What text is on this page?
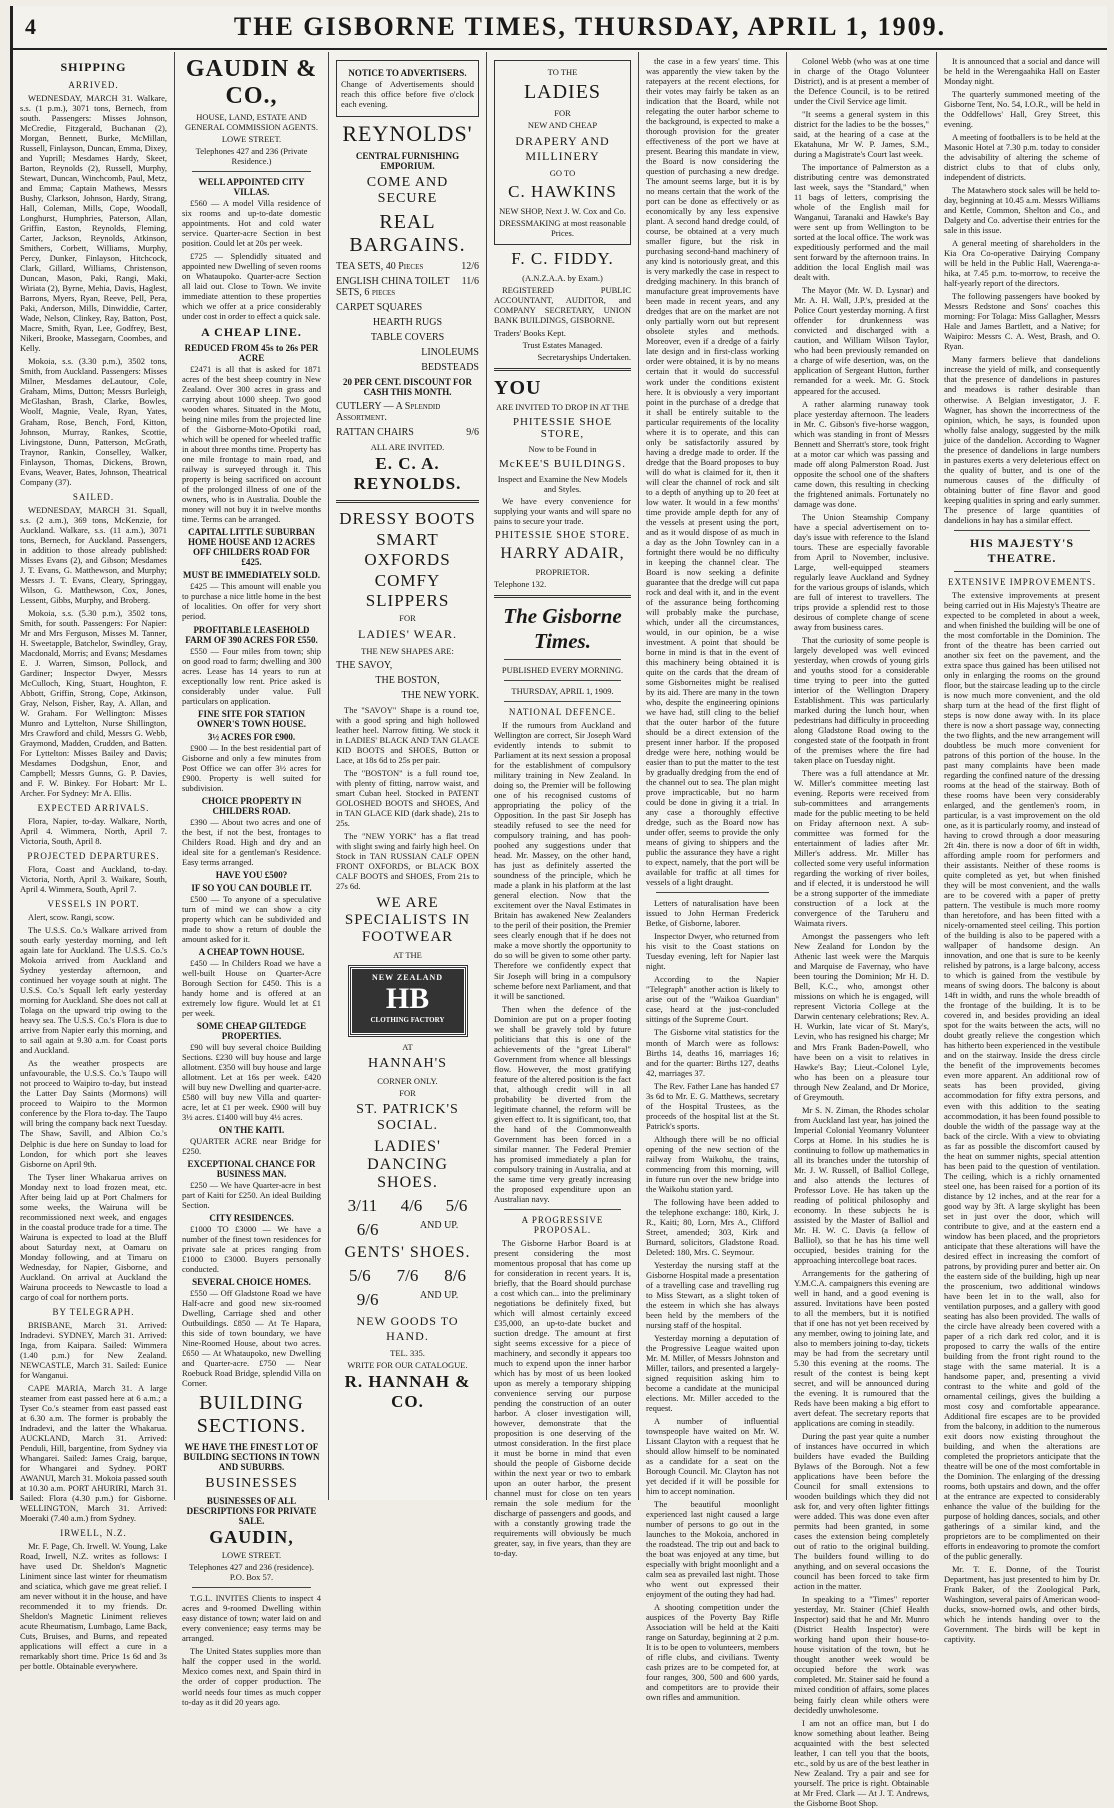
4	THE GISBORNE TIMES, THURSDAY, APRIL 1, 1909.
SHIPPING
ARRIVED.

WEDNESDAY, MARCH 31. Walkare, s.s. (1 p.m.), 3071 tons, Bernech, from south. Passengers: Misses Johnson, McCredie, Fitzgerald, Buchanan (2), Morgan, Bennett, Burke, McMillan, Russell, Finlayson, Duncan, Emma, Dixey, and Yuprill; Mesdames Hardy, Skeet, Barton, Reynolds (2), Russell, Murphy, Stewart, Duncan, Winchcomb, Paul, Metz, and Emma; Captain Mathews, Messrs Bushy, Clarkson, Johnson, Hardy, Strang, Hall, Coleman, Mills, Cope, Woodall, Longhurst, Humphries, Paterson, Allan, Griffin, Easton, Reynolds, Fleming, Carter, Jackson, Reynolds, Atkinson, Smithers, Corbett, Williams, Murphy, Percy, Dunker, Finlayson, Hitchcock, Clark, Gillard, Williams, Christenson, Duncan, Mason, Paki, Rangi, Maki, Wiriata (2), Byrne, Mehia, Davis, Haglest, Barrons, Myers, Ryan, Reeve, Pell, Pera, Paki, Anderson, Mills, Dinwiddie, Carter, Wade, Nelson, Clinkey, Ray, Batton, Post, Macre, Smith, Ryan, Lee, Godfrey, Best, Nikeri, Brooke, Massegarn, Coombes, and Kelly.

Mokoia, s.s. (3.30 p.m.), 3502 tons, Smith, from Auckland. Passengers: Misses Milner, Mesdames deLautour, Cole, Graham, Mims, Dutton; Messrs Burleigh, McGlashan, Brash, Clarke, Bowles, Woolf, Magnie, Veale, Ryan, Yates, Graham, Rose, Bench, Ford, Kitton, Johnson, Murray, Rankes, Scottie, Livingstone, Dunn, Patterson, McGrath, Traynor, Rankin, Conselley, Walker, Finlayson, Thomas, Dickens, Brown, Evans, Weaver, Bates, Johnson, Theatrical Company (37).

SAILED.

WEDNESDAY, MARCH 31. Squall, s.s. (2 a.m.), 369 tons, McKenzie, for Auckland. Walkare, s.s. (11 a.m.), 3071 tons, Bernech, for Auckland. Passengers, in addition to those already published: Misses Evans (2), and Gibson; Mesdames J. T. Evans, G. Matthewson, and Murphy; Messrs J. T. Evans, Cleary, Springgay, Wilson, G. Matthewson, Cox, Jones, Lessent, Gibbs, Murphy, and Broberg.

Mokoia, s.s. (5.30 p.m.), 3502 tons, Smith, for south. Passengers: For Napier: Mr and Mrs Ferguson, Misses M. Tanner, H. Sweetapple, Batchelor, Swindley, Gray, Macdonald, Morris; and Evans; Mesdames E. J. Warren, Simson, Pollock, and Gardiner; Inspector Dwyer, Messrs McCulloch, King, Stuart, Houghton, F. Abbott, Griffin, Strong, Cope, Atkinson, Gray, Nelson, Fisher, Ray, A. Allan, and W. Graham. For Wellington: Misses Munro and Lyttelton, Nurse Shillington, Mrs Crawford and child, Messrs G. Webb, Graymond, Madden, Crudden, and Batten. For Lyttelton: Misses Bailey and Davis; Mesdames Dodgshun, Enor, and Campbell; Messrs Gunns, G. P. Davies, and F. W. Binkey. For Hobart: Mr L. Archer. For Sydney: Mr A. Ellis.

EXPECTED ARRIVALS.

Flora, Napier, to-day. Walkare, North, April 4. Wimmera, North, April 7. Victoria, South, April 8.

PROJECTED DEPARTURES.

Flora, Coast and Auckland, to-day. Victoria, North, April 3. Waikare, South, April 4. Wimmera, South, April 7.

VESSELS IN PORT.

Alert, scow. Rangi, scow.

The U.S.S. Co.'s Walkare arrived from south early yesterday morning, and left again late for Auckland. The U.S.S. Co.'s Mokoia arrived from Auckland and Sydney yesterday afternoon, and continued her voyage south at night. The U.S.S. Co.'s Squall left early yesterday morning for Auckland. She does not call at Tolaga on the upward trip owing to the heavy sea. The U.S.S. Co.'s Flora is due to arrive from Napier early this morning, and to sail again at 9.30 a.m. for Coast ports and Auckland.

As the weather prospects are unfavourable, the U.S.S. Co.'s Taupo will not proceed to Waipiro to-day, but instead the Latter Day Saints (Mormons) will proceed to Waipiro to the Mormon conference by the Flora to-day. The Taupo will bring the company back next Tuesday. The Shaw, Savill, and Albion Co.'s Delphic is due here on Sunday to load for London, for which port she leaves Gisborne on April 9th.

The Tyser liner Whakarua arrives on Monday next to load frozen meat, etc. After being laid up at Port Chalmers for some weeks, the Wairuna will be recommissioned next week, and engages in the coastal produce trade for a time. The Wairuna is expected to load at the Bluff about Saturday next, at Oamaru on Monday following, and at Timaru on Wednesday, for Napier, Gisborne, and Auckland. On arrival at Auckland the Wairuna proceeds to Newcastle to load a cargo of coal for northern ports.

BY TELEGRAPH.

BRISBANE, March 31. Arrived: Indradevi. SYDNEY, March 31. Arrived: Inga, from Kaipara. Sailed: Wimmera (1.40 p.m.) for New Zealand. NEWCASTLE, March 31. Sailed: Eunice for Wanganui.

CAPE MARIA, March 31. A large steamer from east passed here at 6 a.m.; a Tyser Co.'s steamer from east passed east at 6.30 a.m. The former is probably the Indradevi, and the latter the Whakarua. AUCKLAND, March 31. Arrived: Penduli, Hill, bargentine, from Sydney via Whangarei. Sailed: James Craig, barque, for Whangarei and Sydney. PORT AWANUI, March 31. Mokoia passed south at 10.30 a.m. PORT AHURIRI, March 31. Sailed: Flora (4.30 p.m.) for Gisborne. WELLINGTON, March 31. Arrived: Moeraki (7.40 a.m.) from Sydney.

IRWELL, N.Z.

Mr. F. Page, Ch. Irwell. W. Young, Lake Road, Irwell, N.Z. writes as follows: I have used Dr. Sheldon's Magnetic Liniment since last winter for rheumatism and sciatica, which gave me great relief. I am never without it in the house, and have recommended it to my friends. Dr. Sheldon's Magnetic Liniment relieves acute Rheumatism, Lumbago, Lame Back, Cuts, Bruises, and Burns, and repeated applications will effect a cure in a remarkably short time. Price 1s 6d and 3s per bottle. Obtainable everywhere.

GAUDIN & CO.,
HOUSE, LAND, ESTATE AND GENERAL COMMISSION AGENTS.
LOWE STREET.
Telephones 427 and 236 (Private Residence.)
WELL APPOINTED CITY VILLAS.

£560 — A model Villa residence of six rooms and up-to-date domestic appointments. Hot and cold water service. Quarter-acre Section in best position. Could let at 20s per week.

£725 — Splendidly situated and appointed new Dwelling of seven rooms on Whataupoko. Quarter-acre Section all laid out. Close to Town. We invite immediate attention to these properties which we offer at a price considerably under cost in order to effect a quick sale.

A CHEAP LINE.
REDUCED FROM 45s to 26s PER ACRE

£2471 is all that is asked for 1871 acres of the best sheep country in New Zealand. Over 300 acres in grass and carrying about 1000 sheep. Two good wooden whares. Situated in the Motu, being nine miles from the projected line of the Gisborne-Moto-Opotiki road, which will be opened for wheeled traffic in about three months time. Property has one mile frontage to main road, and railway is surveyed through it. This property is being sacrificed on account of the prolonged illness of one of the owners, who is in Australia. Double the money will not buy it in twelve months time. Terms can be arranged.

CAPITAL LITTLE SUBURBAN HOME HOUSE AND 12 ACRES OFF CHILDERS ROAD FOR £425.
MUST BE IMMEDIATELY SOLD.

£425 — This amount will enable you to purchase a nice little home in the best of localities. On offer for very short period.

PROFITABLE LEASEHOLD FARM OF 390 ACRES FOR £550.

£550 — Four miles from town; ship on good road to farm; dwelling and 300 acres. Lease has 14 years to run at exceptionally low rent. Price asked is considerably under value. Full particulars on application.

FINE SITE FOR STATION OWNER'S TOWN HOUSE.
3½ ACRES FOR £900.

£900 — In the best residential part of Gisborne and only a few minutes from Post Office we can offer 3½ acres for £900. Property is well suited for subdivision.

CHOICE PROPERTY IN CHILDERS ROAD.

£390 — About two acres and one of the best, if not the best, frontages to Childers Road. High and dry and an ideal site for a gentleman's Residence. Easy terms arranged.

HAVE YOU £500?
IF SO YOU CAN DOUBLE IT.

£500 — To anyone of a speculative turn of mind we can show a city property which can be subdivided and made to show a return of double the amount asked for it.

A CHEAP TOWN HOUSE.

£450 — In Childers Road we have a well-built House on Quarter-Acre Borough Section for £450. This is a handy home and is offered at an extremely low figure. Would let at £1 per week.

SOME CHEAP GILTEDGE PROPERTIES.

£90 will buy several choice Building Sections. £230 will buy house and large allotment. £350 will buy house and large allotment. Let at 16s per week. £420 will buy new Dwelling and quarter-acre. £580 will buy new Villa and quarter-acre, let at £1 per week. £900 will buy 3½ acres. £1400 will buy 4½ acres.

ON THE KAITI.

QUARTER ACRE near Bridge for £250.

EXCEPTIONAL CHANCE FOR BUSINESS MAN.

£250 — We have Quarter-acre in best part of Kaiti for £250. An ideal Building Section.

CITY RESIDENCES.

£1000 TO £3000 — We have a number of the finest town residences for private sale at prices ranging from £1000 to £3000. Buyers personally conducted.

SEVERAL CHOICE HOMES.

£550 — Off Gladstone Road we have Half-acre and good new six-roomed Dwelling, Carriage shed and other Outbuildings. £850 — At Te Hapara, this side of town boundary, we have Nine-Roomed House, about two acres. £650 — At Whataupoko, new Dwelling and Quarter-acre. £750 — Near Roebuck Road Bridge, splendid Villa on Corner.

BUILDING SECTIONS.
WE HAVE THE FINEST LOT OF BUILDING SECTIONS IN TOWN AND SUBURBS.
BUSINESSES
BUSINESSES OF ALL DESCRIPTIONS FOR PRIVATE SALE.
GAUDIN,
LOWE STREET.
Telephones 427 and 236 (residence). P.O. Box 57.

T.G.L. INVITES Clients to inspect 4 acres and 9-roomed Dwelling within easy distance of town; water laid on and every convenience; easy terms may be arranged.

The United States supplies more than half the copper used in the world. Mexico comes next, and Spain third in the order of copper production. The world needs four times as much copper to-day as it did 20 years ago.

NOTICE TO ADVERTISERS.

Change of Advertisements should reach this office before five o'clock each evening.

REYNOLDS'
CENTRAL FURNISHING EMPORIUM.
COME AND SECURE
REAL BARGAINS.
TEA SETS, 40 Pieces	12/6
ENGLISH CHINA TOILET SETS, 6 pieces
11/6
CARPET SQUARES
HEARTH RUGS
TABLE COVERS
LINOLEUMS
BEDSTEADS
20 PER CENT. DISCOUNT FOR CASH THIS MONTH.
CUTLERY — A Splendid Assortment.
RATTAN CHAIRS	9/6
ALL ARE INVITED.
E. C. A. REYNOLDS.
DRESSY BOOTS
SMART OXFORDS
COMFY SLIPPERS
FOR
LADIES' WEAR.
THE NEW SHAPES ARE:
THE SAVOY,
THE BOSTON,
THE NEW YORK.

The "SAVOY" Shape is a round toe, with a good spring and high hollowed leather heel. Narrow fitting. We stock it in LADIES' BLACK AND TAN GLACE KID BOOTS and SHOES, Button or Lace, at 18s 6d to 25s per pair.

The "BOSTON" is a full round toe, with plenty of fitting, narrow waist, and smart Cuban heel. Stocked in PATENT GOLOSHED BOOTS and SHOES, And in TAN GLACE KID (dark shade), 21s to 25s.

The "NEW YORK" has a flat tread with slight swing and fairly high heel. On Stock in TAN RUSSIAN CALF OPEN FRONT OXFORDS, or BLACK BOX CALF BOOTS and SHOES, From 21s to 27s 6d.

WE ARE SPECIALISTS IN FOOTWEAR
AT THE
NEW ZEALAND
HB
CLOTHING FACTORY
AT
HANNAH'S
CORNER ONLY.
FOR
ST. PATRICK'S SOCIAL.
LADIES' DANCING SHOES.
3/11 4/6 5/6
6/6	AND UP.
GENTS' SHOES.
5/6 7/6 8/6
9/6	AND UP.
NEW GOODS TO HAND.
TEL. 335.
WRITE FOR OUR CATALOGUE.
R. HANNAH & CO.
TO THE
LADIES
FOR
NEW AND CHEAP
DRAPERY AND MILLINERY
GO TO
C. HAWKINS
NEW SHOP, Next J. W. Cox and Co.
DRESSMAKING at most reasonable Prices.
F. C. FIDDY.
(A.N.Z.A.A. by Exam.)

REGISTERED PUBLIC ACCOUNTANT, AUDITOR, and COMPANY SECRETARY, UNION BANK BUILDINGS, GISBORNE.

Traders' Books Kept.
Trust Estates Managed.
Secretaryships Undertaken.
YOU
ARE INVITED TO DROP IN AT THE
PHITESSIE SHOE STORE,
Now to be Found in
McKEE'S BUILDINGS.
Inspect and Examine the New Models and Styles.

We have every convenience for supplying your wants and will spare no pains to secure your trade.

PHITESSIE SHOE STORE.
HARRY ADAIR,
PROPRIETOR.
Telephone 132.
The Gisborne Times.
PUBLISHED EVERY MORNING.
THURSDAY, APRIL 1, 1909.
NATIONAL DEFENCE.

If the rumours from Auckland and Wellington are correct, Sir Joseph Ward evidently intends to submit to Parliament at its next session a proposal for the establishment of compulsory military training in New Zealand. In doing so, the Premier will be following one of his recognised customs of appropriating the policy of the Opposition. In the past Sir Joseph has steadily refused to see the need for compulsory training, and has pooh-poohed any suggestions under that head. Mr. Massey, on the other hand, has just as definitely asserted the soundness of the principle, which he made a plank in his platform at the last general election. Now that the excitement over the Naval Estimates in Britain has awakened New Zealanders to the peril of their position, the Premier sees clearly enough that if he does not make a move shortly the opportunity to do so will be given to some other party. Therefore we confidently expect that Sir Joseph will bring in a compulsory scheme before next Parliament, and that it will be sanctioned.

Then when the defence of the Dominion are put on a proper footing we shall be gravely told by future politicians that this is one of the achievements of the "great Liberal" Government from whence all blessings flow. However, the most gratifying feature of the altered position is the fact that, although credit will in all probability be diverted from the legitimate channel, the reform will be given effect to. It is significant, too, that the hand of the Commonwealth Government has been forced in a similar manner. The Federal Premier has promised immediately a plan for compulsory training in Australia, and at the same time very greatly increasing the proposed expenditure upon an Australian navy.

A PROGRESSIVE PROPOSAL.

The Gisborne Harbor Board is at present considering the most momentous proposal that has come up for consideration in recent years. It is, briefly, that the Board should purchase a cost which can... into the preliminary negotiations be definitely fixed, but which will almost certainly exceed £35,000, an up-to-date bucket and suction dredge. The amount at first sight seems excessive for a piece of machinery, and secondly it appears too much to expend upon the inner harbor which has by most of us been looked upon as merely a temporary shipping convenience serving our purpose pending the construction of an outer harbor. A closer investigation will, however, demonstrate that the proposition is one deserving of the utmost consideration. In the first place it must be borne in mind that even should the people of Gisborne decide within the next year or two to embark upon an outer harbor, the present channel must for close on ten years remain the sole medium for the discharge of passengers and goods, and with a constantly growing trade the requirements will obviously be much greater, say, in five years, than they are to-day.

the case in a few years' time. This was apparently the view taken by the ratepayers at the recent elections, for their votes may fairly be taken as an indication that the Board, while not relegating the outer harbor scheme to the background, is expected to make a thorough provision for the greater effectiveness of the port we have at present. Bearing this mandate in view, the Board is now considering the question of purchasing a new dredge. The amount seems large, but it is by no means certain that the work of the port can be done as effectively or as economically by any less expensive plant. A second hand dredge could, of course, be obtained at a very much smaller figure, but the risk in purchasing second-hand machinery of any kind is notoriously great, and this is very markedly the case in respect to dredging machinery. In this branch of manufacture great improvements have been made in recent years, and any dredges that are on the market are not only partially worn out but represent obsolete styles and methods. Moreover, even if a dredge of a fairly late design and in first-class working order were obtained, it is by no means certain that it would do successful work under the conditions existent here. It is obviously a very important point in the purchase of a dredge that it shall be entirely suitable to the particular requirements of the locality where it is to operate, and this can only be satisfactorily assured by having a dredge made to order. If the dredge that the Board proposes to buy will do what is claimed for it, then it will clear the channel of rock and silt to a depth of anything up to 20 feet at low water. It would in a few months' time provide ample depth for any of the vessels at present using the port, and as it would dispose of as much in a day as the John Townley can in a fortnight there would be no difficulty in keeping the channel clear. The Board is now seeking a definite guarantee that the dredge will cut papa rock and deal with it, and in the event of the assurance being forthcoming will probably make the purchase, which, under all the circumstances, would, in our opinion, be a wise investment. A point that should be borne in mind is that in the event of this machinery being obtained it is quite on the cards that the dream of some Gisborneites might be realised by its aid. There are many in the town who, despite the engineering opinions we have had, still cling to the belief that the outer harbor of the future should be a direct extension of the present inner harbor. If the proposed dredge were here, nothing would be easier than to put the matter to the test by gradually dredging from the end of the channel out to sea. The plan might prove impracticable, but no harm could be done in giving it a trial. In any case a thoroughly effective dredge, such as the Board now has under offer, seems to provide the only means of giving to shippers and the public the assurance they have a right to expect, namely, that the port will be available for traffic at all times for vessels of a light draught.

Letters of naturalisation have been issued to John Herman Frederick Betke, of Gisborne, laborer.

Inspector Dwyer, who returned from his visit to the Coast stations on Tuesday evening, left for Napier last night.

According to the Napier "Telegraph" another action is likely to arise out of the "Waikoa Guardian" case, heard at the just-concluded sittings of the Supreme Court.

The Gisborne vital statistics for the month of March were as follows: Births 14, deaths 16, marriages 16; and for the quarter: Births 127, deaths 42, marriages 37.

The Rev. Father Lane has handed £7 3s 6d to Mr. E. G. Matthews, secretary of the Hospital Trustees, as the proceeds of the hospital list at the St. Patrick's sports.

Although there will be no official opening of the new section of the railway from Waikohu, the trains, commencing from this morning, will in future run over the new bridge into the Waikohu station yard.

The following have been added to the telephone exchange: 180, Kirk, J. R., Kaiti; 80, Lorn, Mrs A., Clifford Street, amended; 303, Kirk and Burnard, solicitors, Gladstone Road. Deleted: 180, Mrs. C. Seymour.

Yesterday the nursing staff at the Gisborne Hospital made a presentation of a travelling case and travelling rug to Miss Stewart, as a slight token of the esteem in which she has always been held by the members of the nursing staff of the hospital.

Yesterday morning a deputation of the Progressive League waited upon Mr. M. Miller, of Messrs Johnston and Miller, tailors, and presented a largely-signed requisition asking him to become a candidate at the municipal elections. Mr. Miller acceded to the request.

A number of influential townspeople have waited on Mr. W. Lissant Clayton with a request that he should allow himself to be nominated as a candidate for a seat on the Borough Council. Mr. Clayton has not yet decided if it will be possible for him to accept nomination.

The beautiful moonlight experienced last night caused a large number of persons to go out in the launches to the Mokoia, anchored in the roadstead. The trip out and back to the boat was enjoyed at any time, but especially with bright moonlight and a calm sea as prevailed last night. Those who went out expressed their enjoyment of the outing they had had.

A shooting competition under the auspices of the Poverty Bay Rifle Association will be held at the Kaiti range on Saturday, beginning at 2 p.m. It is to be open to volunteers, members of rifle clubs, and civilians. Twenty cash prizes are to be competed for, at four ranges, 300, 500 and 600 yards, and competitors are to provide their own rifles and ammunition.

Colonel Webb (who was at one time in charge of the Otago Volunteer District), and is at present a member of the Defence Council, is to be retired under the Civil Service age limit.

"It seems a general system in this district for the ladies to be the bosses," said, at the hearing of a case at the Ekatahuna, Mr W. P. James, S.M., during a Magistrate's Court last week.

The importance of Palmerston as a distributing centre was demonstrated last week, says the "Standard," when 11 bags of letters, comprising the whole of the English mail for Wanganui, Taranaki and Hawke's Bay were sent up from Wellington to be sorted at the local office. The work was expeditiously performed and the mail sent forward by the afternoon trains. In addition the local English mail was dealt with.

The Mayor (Mr. W. D. Lysnar) and Mr. A. H. Wall, J.P.'s, presided at the Police Court yesterday morning. A first offender for drunkenness was convicted and discharged with a caution, and William Wilson Taylor, who had been previously remanded on a charge of wife desertion, was, on the application of Sergeant Hutton, further remanded for a week. Mr. G. Stock appeared for the accused.

A rather alarming runaway took place yesterday afternoon. The leaders in Mr. C. Gibson's five-horse waggon, which was standing in front of Messrs Bennett and Sherratt's store, took fright at a motor car which was passing and made off along Palmerston Road. Just opposite the school one of the shafters came down, this resulting in checking the frightened animals. Fortunately no damage was done.

The Union Steamship Company have a special advertisement on to-day's issue with reference to the Island tours. These are especially favorable from April to November, inclusive. Large, well-equipped steamers regularly leave Auckland and Sydney for the various groups of islands, which are full of interest to travellers. The trips provide a splendid rest to those desirous of complete change of scene away from business cares.

That the curiosity of some people is largely developed was well evinced yesterday, when crowds of young girls and youths stood for a considerable time trying to peer into the gutted interior of the Wellington Drapery Establishment. This was particularly marked during the lunch hour, when pedestrians had difficulty in proceeding along Gladstone Road owing to the congested state of the footpath in front of the premises where the fire had taken place on Tuesday night.

There was a full attendance at Mr. W. Miller's committee meeting last evening. Reports were received from sub-committees and arrangements made for the public meeting to be held on Friday afternoon next. A sub-committee was formed for the entertainment of ladies after Mr. Miller's address. Mr. Miller has collected some very useful information regarding the working of river boiles, and if elected, it is understood he will be a strong supporter of the immediate construction of a lock at the convergence of the Taruheru and Waimata rivers.

Amongst the passengers who left New Zealand for London by the Athenic last week were the Marquis and Marquise de Favernay, who have been touring the Dominion; Mr H. D. Bell, K.C., who, amongst other missions on which he is engaged, will represent Victoria College at the Darwin centenary celebrations; Rev. A. H. Wurkin, late vicar of St. Mary's, Levin, who has resigned his charge; Mr and Mrs Frank Baden-Powell, who have been on a visit to relatives in Hawke's Bay; Lieut.-Colonel Lyle, who has been on a pleasure tour through New Zealand, and Dr Morice, of Greymouth.

Mr S. N. Ziman, the Rhodes scholar from Auckland last year, has joined the Imperial Colonial Yeomanry Volunteer Corps at Home. In his studies he is continuing to follow up mathematics in all its branches under the tutorship of Mr. J. W. Russell, of Balliol College, and also attends the lectures of Professor Love. He has taken up the reading of political philosophy and economy. In these subjects he is assisted by the Master of Balliol and Mr. H. W. C. Davis (a fellow of Balliol), so that he has his time well occupied, besides training for the approaching intercollege boat races.

Arrangements for the gathering of Y.M.C.A. campaigners this evening are well in hand, and a good evening is assured. Invitations have been posted to all the members, but it is notified that if one has not yet been received by any member, owing to joining late, and also to members joining to-day, tickets may be had from the secretary until 5.30 this evening at the rooms. The result of the contest is being kept secret, and will be announced during the evening. It is rumoured that the Reds have been making a big effort to avert defeat. The secretary reports that applications are coming in steadily.

During the past year quite a number of instances have occurred in which builders have evaded the Building Bylaws of the Borough. Not a few applications have been before the Council for small extensions to wooden buildings which they did not ask for, and very often lighter fittings were added. This was done even after permits had been granted, in some cases the extension being completely out of ratio to the original building. The builders found willing to do anything, and on several occasions the council has been forced to take firm action in the matter.

In speaking to a "Times" reporter yesterday, Mr. Stainer (Chief Health Inspector) said that he and Mr. Munro (District Health Inspector) were working hand upon their house-to-house visitation of the town, but he thought another week would be occupied before the work was completed. Mr. Stainer said he found a mixed condition of affairs, some places being fairly clean while others were decidedly unwholesome.

I am not an office man, but I do know something about leather. Being acquainted with the best selected leather, I can tell you that the boots, etc., sold by us are of the best leather in New Zealand. Try a pair and see for yourself. The price is right. Obtainable at Mr Fred. Clark — At J. T. Andrews, the Gisborne Boot Shop.

It is announced that a social and dance will be held in the Werengaahika Hall on Easter Monday night.

The quarterly summoned meeting of the Gisborne Tent, No. 54, I.O.R., will be held in the Oddfellows' Hall, Grey Street, this evening.

A meeting of footballers is to be held at the Masonic Hotel at 7.30 p.m. today to consider the advisability of altering the scheme of district clubs to that of clubs only, independent of districts.

The Matawhero stock sales will be held to-day, beginning at 10.45 a.m. Messrs Williams and Kettle, Common, Shelton and Co., and Dalgety and Co. advertise their entries for the sale in this issue.

A general meeting of shareholders in the Kia Ora Co-operative Dairying Company will be held in the Public Hall, Waerenga-a-hika, at 7.45 p.m. to-morrow, to receive the half-yearly report of the directors.

The following passengers have booked by Messrs Redstone and Sons' coaches this morning: For Tolaga: Miss Gallagher, Messrs Hale and James Bartlett, and a Native; for Waipiro: Messrs C. A. West, Brash, and O. Ryan.

Many farmers believe that dandelions increase the yield of milk, and consequently that the presence of dandelions in pastures and meadows is rather desirable than otherwise. A Belgian investigator, J. F. Wagner, has shown the incorrectness of the opinion, which, he says, is founded upon wholly false analogy, suggested by the milk juice of the dandelion. According to Wagner the presence of dandelions in large numbers in pastures exerts a very deleterious effect on the quality of butter, and is one of the numerous causes of the difficulty of obtaining butter of fine flavor and good keeping qualities in spring and early summer. The presence of large quantities of dandelions in hay has a similar effect.

HIS MAJESTY'S THEATRE.
EXTENSIVE IMPROVEMENTS.

The extensive improvements at present being carried out in His Majesty's Theatre are expected to be completed in about a week, and when finished the building will be one of the most comfortable in the Dominion. The front of the theatre has been carried out another six feet on the pavement, and the extra space thus gained has been utilised not only in enlarging the rooms on the ground floor, but the staircase leading up to the circle is now much more convenient, and the old sharp turn at the head of the first flight of steps is now done away with. In its place there is now a short passage way, connecting the two flights, and the new arrangement will doubtless be much more convenient for patrons of this portion of the house. In the past many complaints have been made regarding the confined nature of the dressing rooms at the head of the stairway. Both of these rooms have been very considerably enlarged, and the gentlemen's room, in particular, is a vast improvement on the old one, as it is particularly roomy, and instead of having to crowd through a door measuring 2ft 4in. there is now a door of 6ft in width, affording ample room for performers and their assistants. Neither of these rooms is quite completed as yet, but when finished they will be most convenient, and the walls are to be covered with a paper of pretty pattern. The vestibule is much more roomy than heretofore, and has been fitted with a nicely-ornamented steel ceiling. This portion of the building is also to be papered with a wallpaper of handsome design. An innovation, and one that is sure to be keenly relished by patrons, is a large balcony, access to which is gained from the vestibule by means of swing doors. The balcony is about 14ft in width, and runs the whole breadth of the frontage of the building. It is to be covered in, and besides providing an ideal spot for the waits between the acts, will no doubt greatly relieve the congestion which has hitherto been experienced in the vestibule and on the stairway. Inside the dress circle the benefit of the improvements becomes even more apparent. An additional row of seats has been provided, giving accommodation for fifty extra persons, and even with this addition to the seating accommodation, it has been found possible to double the width of the passage way at the back of the circle. With a view to obviating as far as possible the discomfort caused by the heat on summer nights, special attention has been paid to the question of ventilation. The ceiling, which is a richly ornamented steel one, has been raised for a portion of its distance by 12 inches, and at the rear for a good way by 3ft. A large skylight has been set in just over the door, which will contribute to give, and at the eastern end a window has been placed, and the proprietors anticipate that these alterations will have the desired effect in increasing the comfort of patrons, by providing purer and better air. On the eastern side of the building, high up near the proscenium, two additional windows have been let in to the wall, also for ventilation purposes, and a gallery with good seating has also been provided. The walls of the circle have already been covered with a paper of a rich dark red color, and it is proposed to carry the walls of the entire building from the front right round to the stage with the same material. It is a handsome paper, and, presenting a vivid contrast to the white and gold of the ornamental ceilings, gives the building a most cosy and comfortable appearance. Additional fire escapes are to be provided from the balcony, in addition to the numerous exit doors now existing throughout the building, and when the alterations are completed the proprietors anticipate that the theatre will be one of the most comfortable in the Dominion. The enlarging of the dressing rooms, both upstairs and down, and the offer at the entrance are expected to considerably enhance the value of the building for the purpose of holding dances, socials, and other gatherings of a similar kind, and the proprietors are to be complimented on their efforts in endeavoring to promote the comfort of the public generally.

Mr. T. E. Donne, of the Tourist Department, has just presented to him by Dr. Frank Baker, of the Zoological Park, Washington, several pairs of American wood-ducks, snow-horned owls, and other birds, which he intends handing over to the Government. The birds will be kept in captivity.
